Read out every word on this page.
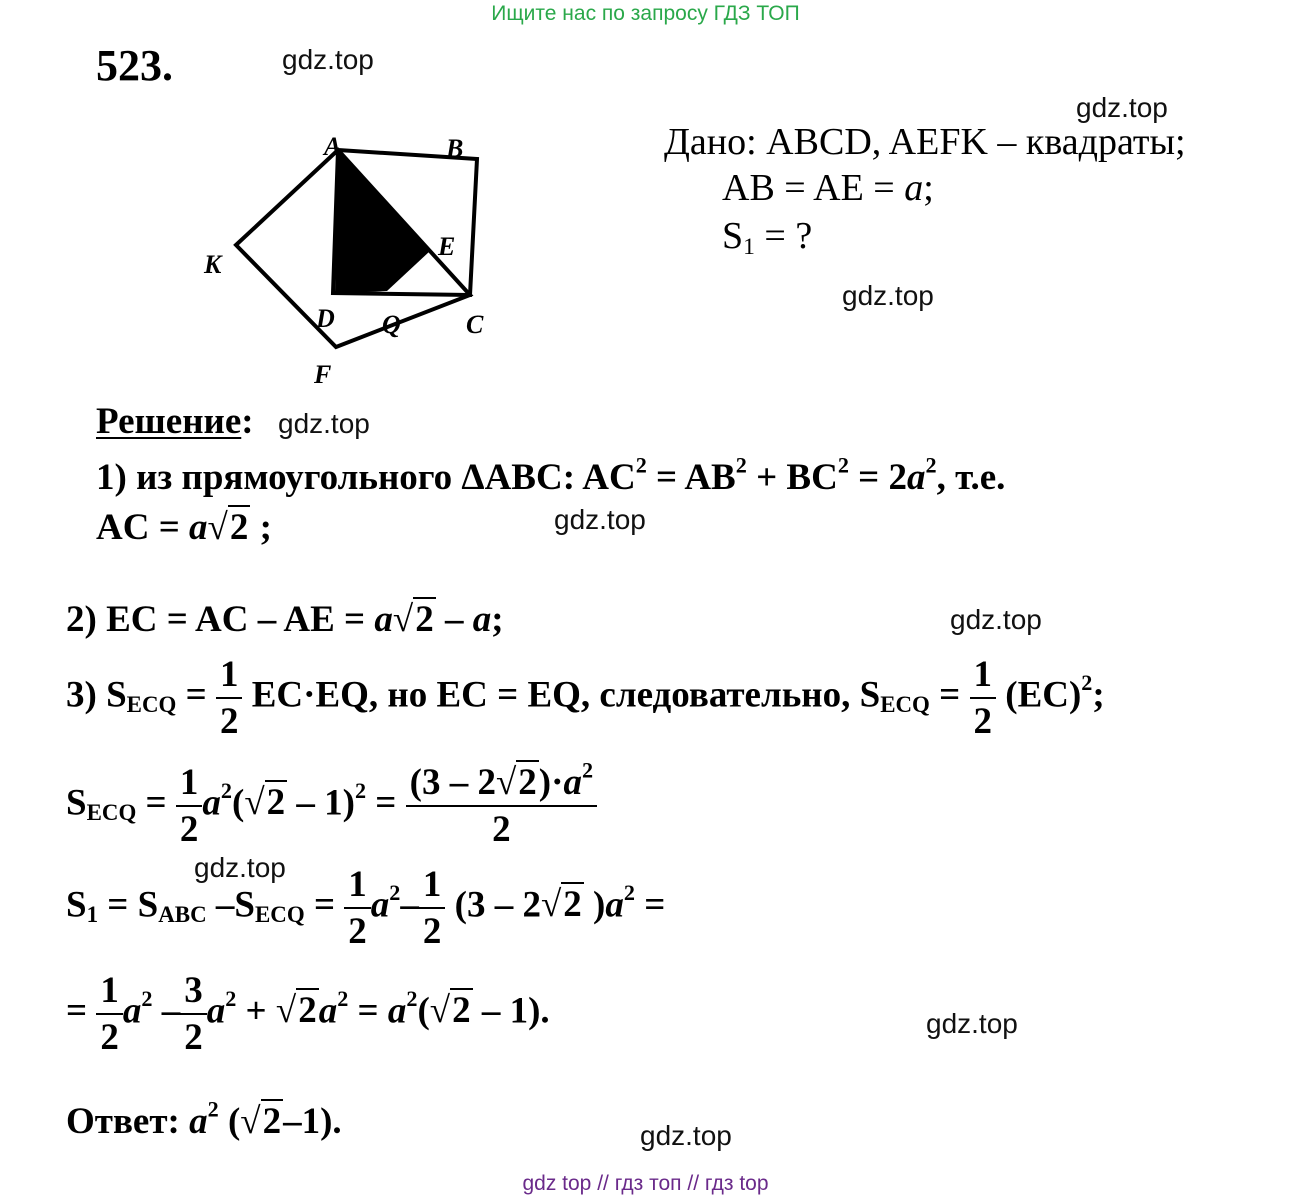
Ищите нас по запросу ГДЗ ТОП
523.	gdz.top
gdz.top
gdz.top
gdz.top
gdz.top
gdz.top
gdz.top
gdz.top
gdz.top
A	B
C
D
E
F
K
Q
Дано: ABCD, AEFK – квадраты;
AB = AE = a;
$S_1$ = ?
Решение:
1) из прямоугольного ΔABC: $AC^2 = AB^2 + BC^2 = 2a^2$, т.е.
AC = a√2 ;
2) EC = AC – AE = a√2 – a;
3) $S_{ECQ} = \frac{1}{2} EC\cdot EQ$, но EC = EQ, следовательно, $S_{ECQ} = \frac{1}{2} (EC)^2$;
$S_{ECQ} = \frac{1}{2} a^2(√2 - 1)^2 = \frac{(3 - 2√2)\cdot a^2}{2}$
$S_1 = S_{ABC}$ $-S_{ECQ} = \frac{1}{2} a^2- \frac{1}{2} (3 - 2√2$ )$a^2$ =
= $\frac{1}{2} a^2 - \frac{3}{2} a^2 + √2a^2 = a^2(√2 - 1)$.
Ответ: $a^2$ (√2–1).
gdz top // гдз топ // гдз top
